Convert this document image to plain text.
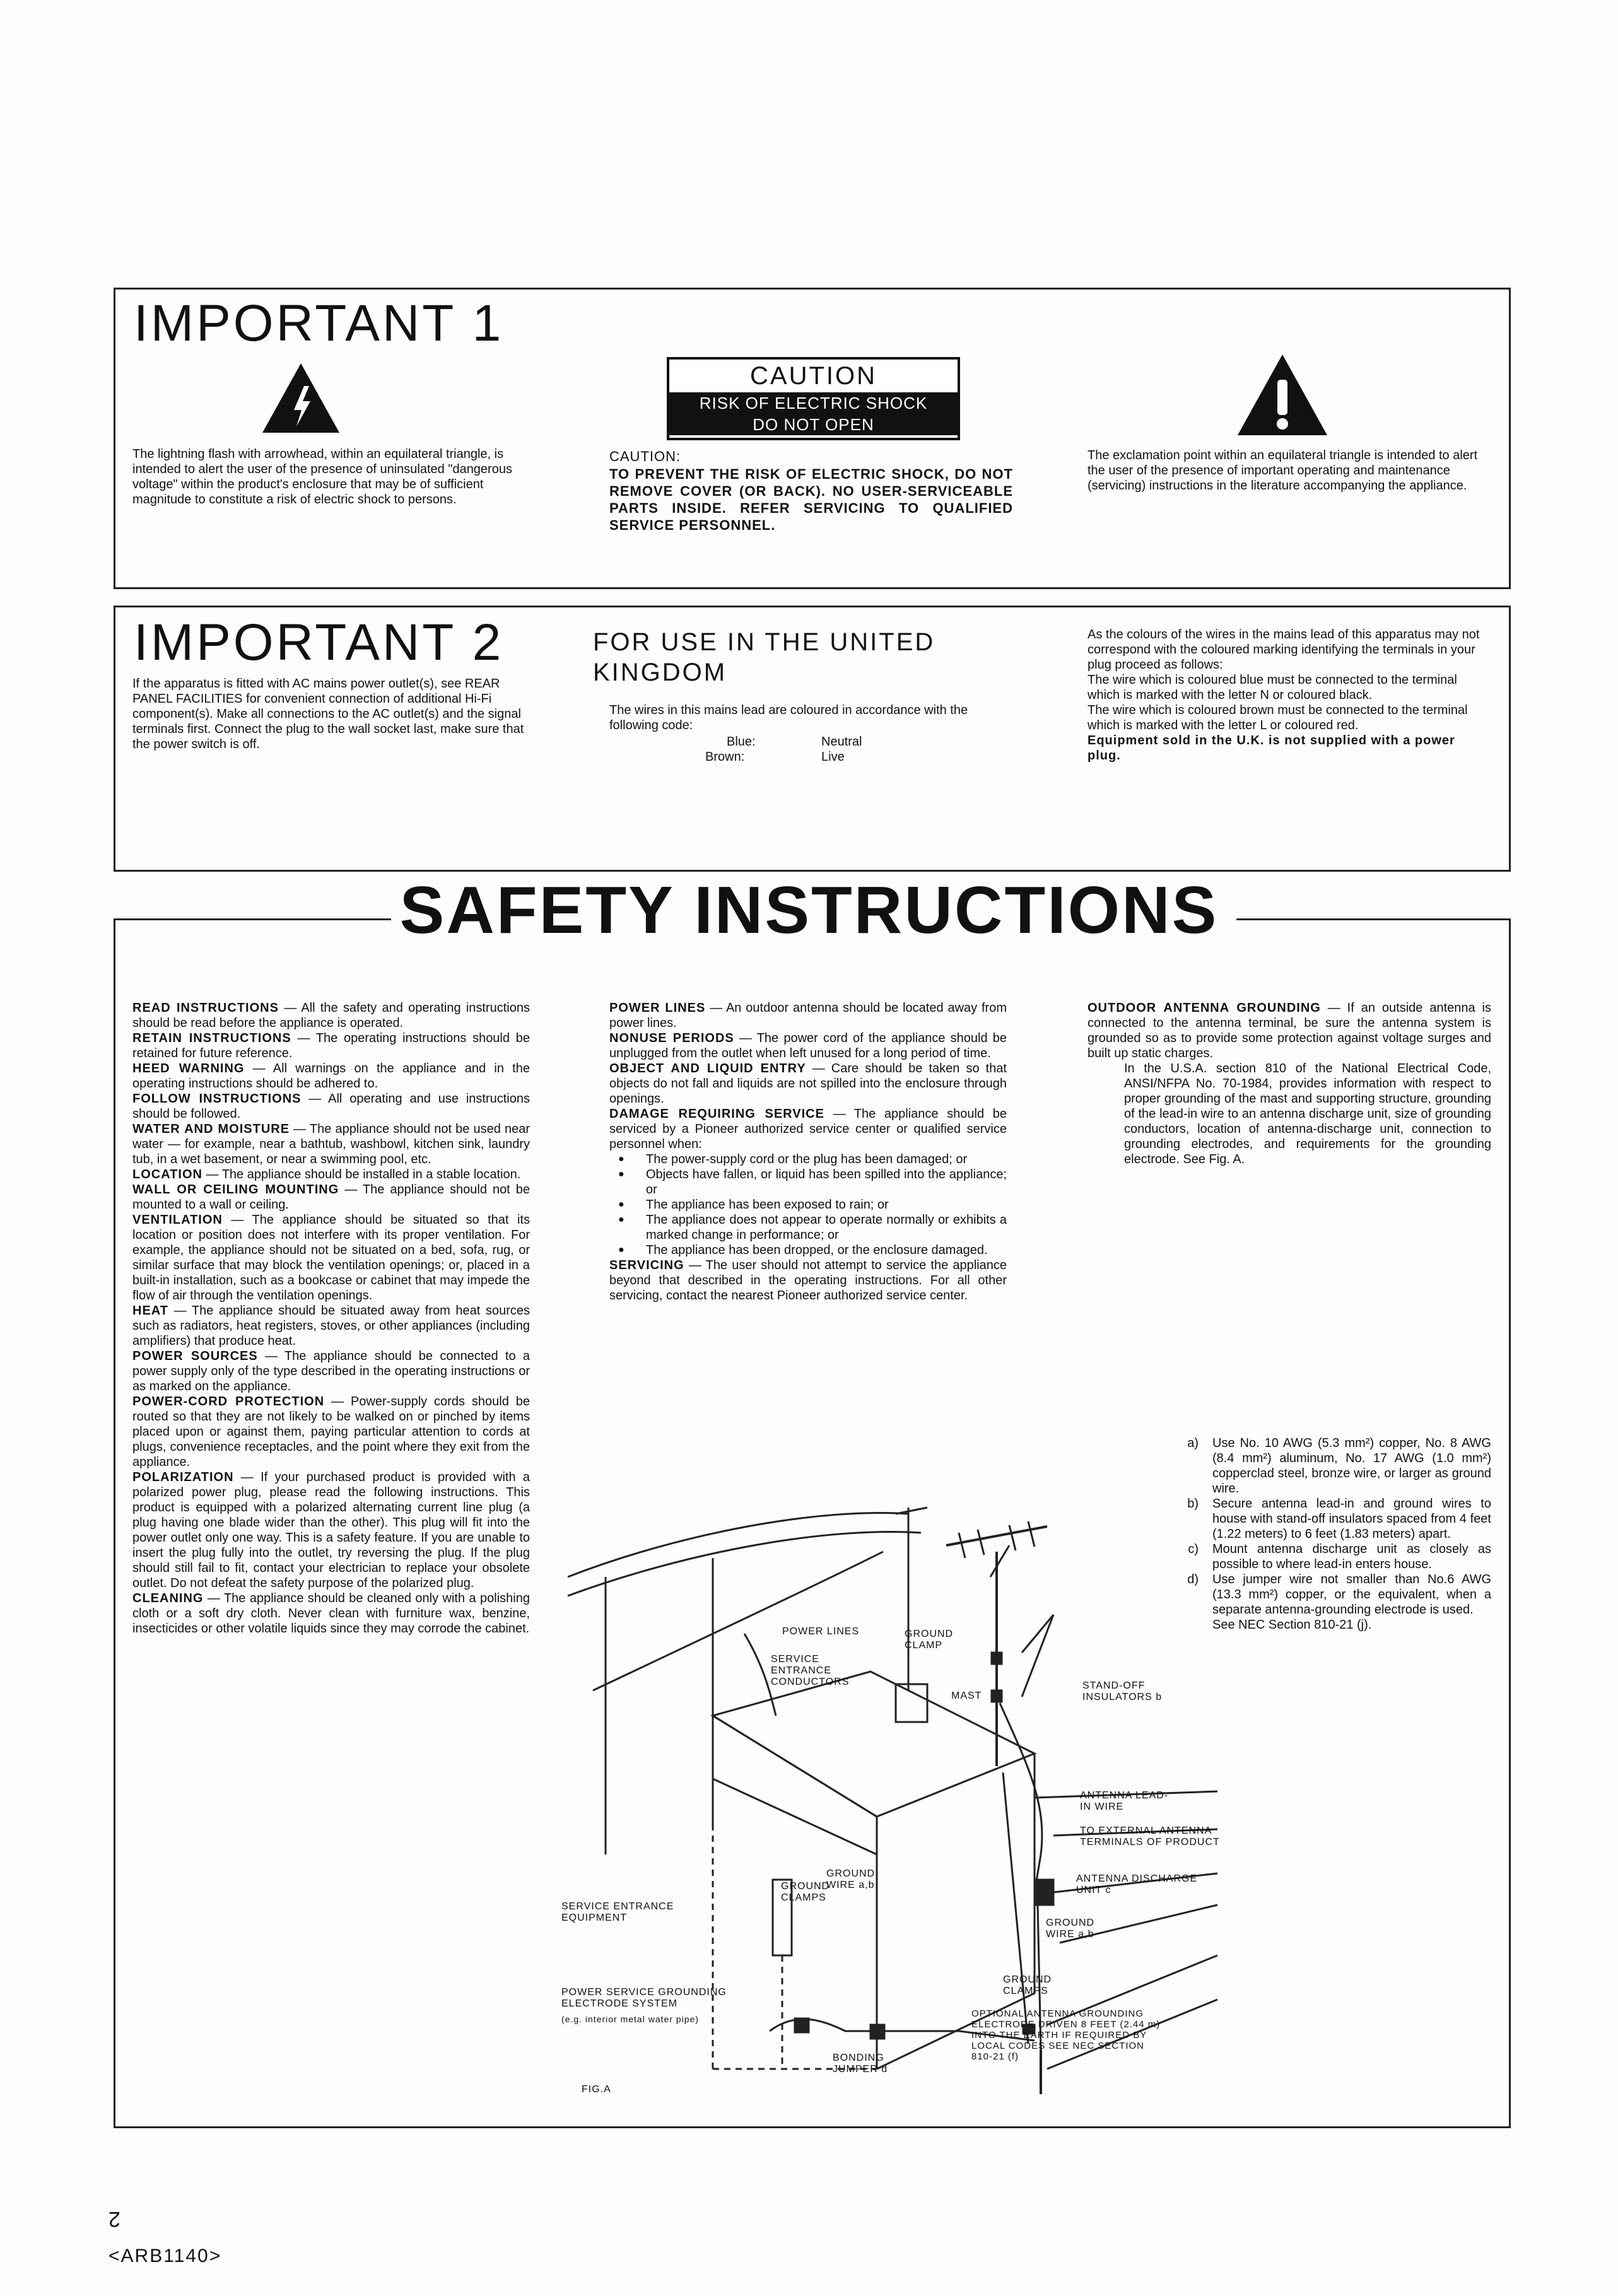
IMPORTANT 1
The lightning flash with arrowhead, within an equilateral triangle, is intended to alert the user of the presence of uninsulated "dangerous voltage" within the product's enclosure that may be of sufficient magnitude to constitute a risk of electric shock to persons.
CAUTION
RISK OF ELECTRIC SHOCK
DO NOT OPEN
CAUTION:
TO PREVENT THE RISK OF ELECTRIC SHOCK, DO NOT REMOVE COVER (OR BACK). NO USER-SERVICEABLE PARTS INSIDE. REFER SERVICING TO QUALIFIED SERVICE PERSONNEL.
The exclamation point within an equilateral triangle is intended to alert the user of the presence of important operating and maintenance (servicing) instructions in the literature accompanying the appliance.
IMPORTANT 2
If the apparatus is fitted with AC mains power outlet(s), see REAR PANEL FACILITIES for convenient connection of additional Hi-Fi component(s). Make all connections to the AC outlet(s) and the signal terminals first. Connect the plug to the wall socket last, make sure that the power switch is off.
FOR USE IN THE UNITED KINGDOM
The wires in this mains lead are coloured in accordance with the following code:
Blue:	Neutral
Brown:	Live

As the colours of the wires in the mains lead of this apparatus may not correspond with the coloured marking identifying the terminals in your plug proceed as follows:

The wire which is coloured blue must be connected to the terminal which is marked with the letter N or coloured black.

The wire which is coloured brown must be connected to the terminal which is marked with the letter L or coloured red.

Equipment sold in the U.K. is not supplied with a power plug.

SAFETY INSTRUCTIONS

READ INSTRUCTIONS — All the safety and operating instructions should be read before the appliance is operated.

RETAIN INSTRUCTIONS — The operating instructions should be retained for future reference.

HEED WARNING — All warnings on the appliance and in the operating instructions should be adhered to.

FOLLOW INSTRUCTIONS — All operating and use instructions should be followed.

WATER AND MOISTURE — The appliance should not be used near water — for example, near a bathtub, washbowl, kitchen sink, laundry tub, in a wet basement, or near a swimming pool, etc.

LOCATION — The appliance should be installed in a stable location.

WALL OR CEILING MOUNTING — The appliance should not be mounted to a wall or ceiling.

VENTILATION — The appliance should be situated so that its location or position does not interfere with its proper ventilation. For example, the appliance should not be situated on a bed, sofa, rug, or similar surface that may block the ventilation openings; or, placed in a built-in installation, such as a bookcase or cabinet that may impede the flow of air through the ventilation openings.

HEAT — The appliance should be situated away from heat sources such as radiators, heat registers, stoves, or other appliances (including amplifiers) that produce heat.

POWER SOURCES — The appliance should be connected to a power supply only of the type described in the operating instructions or as marked on the appliance.

POWER-CORD PROTECTION — Power-supply cords should be routed so that they are not likely to be walked on or pinched by items placed upon or against them, paying particular attention to cords at plugs, convenience receptacles, and the point where they exit from the appliance.

POLARIZATION — If your purchased product is provided with a polarized power plug, please read the following instructions. This product is equipped with a polarized alternating current line plug (a plug having one blade wider than the other). This plug will fit into the power outlet only one way. This is a safety feature. If you are unable to insert the plug fully into the outlet, try reversing the plug. If the plug should still fail to fit, contact your electrician to replace your obsolete outlet. Do not defeat the safety purpose of the polarized plug.

CLEANING — The appliance should be cleaned only with a polishing cloth or a soft dry cloth. Never clean with furniture wax, benzine, insecticides or other volatile liquids since they may corrode the cabinet.

POWER LINES — An outdoor antenna should be located away from power lines.

NONUSE PERIODS — The power cord of the appliance should be unplugged from the outlet when left unused for a long period of time.

OBJECT AND LIQUID ENTRY — Care should be taken so that objects do not fall and liquids are not spilled into the enclosure through openings.

DAMAGE REQUIRING SERVICE — The appliance should be serviced by a Pioneer authorized service center or qualified service personnel when:

● The power-supply cord or the plug has been damaged; or

● Objects have fallen, or liquid has been spilled into the appliance; or

● The appliance has been exposed to rain; or

● The appliance does not appear to operate normally or exhibits a marked change in performance; or

● The appliance has been dropped, or the enclosure damaged.

SERVICING — The user should not attempt to service the appliance beyond that described in the operating instructions. For all other servicing, contact the nearest Pioneer authorized service center.

OUTDOOR ANTENNA GROUNDING — If an outside antenna is connected to the antenna terminal, be sure the antenna system is grounded so as to provide some protection against voltage surges and built up static charges.

In the U.S.A. section 810 of the National Electrical Code, ANSI/NFPA No. 70-1984, provides information with respect to proper grounding of the mast and supporting structure, grounding of the lead-in wire to an antenna discharge unit, size of grounding conductors, location of antenna-discharge unit, connection to grounding electrodes, and requirements for the grounding electrode. See Fig. A.

a) Use No. 10 AWG (5.3 mm²) copper, No. 8 AWG (8.4 mm²) aluminum, No. 17 AWG (1.0 mm²) copperclad steel, bronze wire, or larger as ground wire.

b) Secure antenna lead-in and ground wires to house with stand-off insulators spaced from 4 feet (1.22 meters) to 6 feet (1.83 meters) apart.

c) Mount antenna discharge unit as closely as possible to where lead-in enters house.

d) Use jumper wire not smaller than No.6 AWG (13.3 mm²) copper, or the equivalent, when a separate antenna-grounding electrode is used.

See NEC Section 810-21 (j).

POWER LINES	GROUND CLAMP
SERVICE ENTRANCE CONDUCTORS
MAST
STAND-OFF INSULATORS b
ANTENNA LEAD-IN WIRE
TO EXTERNAL ANTENNA TERMINALS OF PRODUCT
ANTENNA DISCHARGE UNIT c
GROUND WIRE a,b
GROUND CLAMPS
OPTIONAL ANTENNA GROUNDING ELECTRODE DRIVEN 8 FEET (2.44 m) INTO THE EARTH IF REQUIRED BY LOCAL CODES SEE NEC SECTION 810-21 (f)
GROUND CLAMPS
GROUND WIRE a,b
SERVICE ENTRANCE EQUIPMENT
POWER SERVICE GROUNDING ELECTRODE SYSTEM
(e.g. interior metal water pipe)
BONDING JUMPER d
FIG.A
2
<ARB1140>
